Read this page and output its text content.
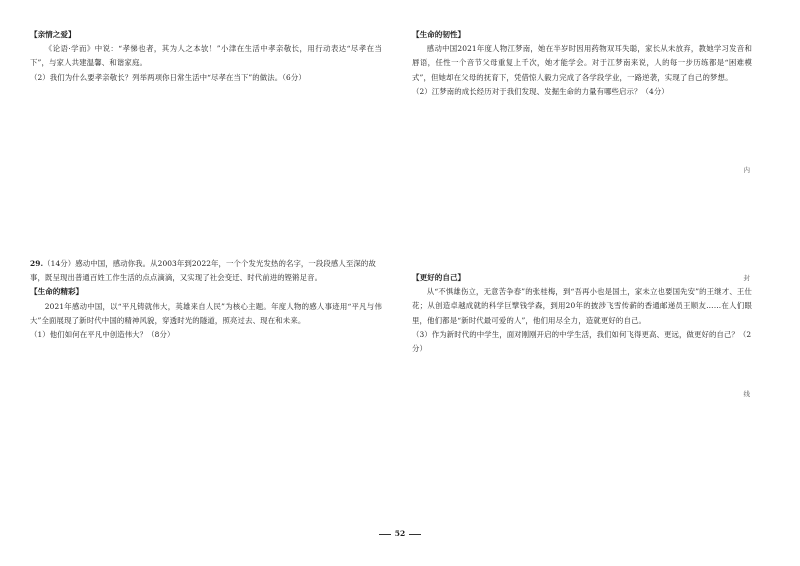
【亲情之爱】
《论语·学而》中说：“孝悌也者，其为人之本欤！”小津在生活中孝亲敬长，用行动表达“尽孝在当下”，与家人共建温馨、和谐家庭。
（2）我们为什么要孝亲敬长？列举两项你日常生活中“尽孝在当下”的做法。（6分）
29.（14分）感动中国，感动你我。从2003年到2022年，一个个发光发热的名字，一段段感人至深的故事，既呈现出普通百姓工作生活的点点滴滴，又实现了社会变迁、时代前进的铿锵足音。
【生命的精彩】
2021年感动中国，以“平凡铸就伟大，英雄来自人民”为核心主题。年度人物的感人事迹用“平凡与伟大”全面展现了新时代中国的精神风貌，穿透时光的隧道，照亮过去、现在和未来。
（1）他们如何在平凡中创造伟大？（8分）
【生命的韧性】
感动中国2021年度人物江梦南，她在半岁时因用药物双耳失聪，家长从未放弃，教她学习发音和唇语，任性一个音节父母重复上千次，她才能学会。对于江梦南来说，人的每一步历练都是“困难模式”，但她却在父母的抚育下，凭借惊人毅力完成了各学段学业，一路逆袭，实现了自己的梦想。
（2）江梦南的成长经历对于我们发现、发掘生命的力量有哪些启示？（4分）
【更好的自己】
从“不惧雄伤立，无意苦争春”的张桂梅，到“吾再小也是国土，家未立也要国先安”的王继才、王仕花；从创造卓越成就的科学巨擘钱学森，到用20年的披涉飞雪传薪的香通邮递员王顺友……在人们眼里，他们都是“新时代最可爱的人”，他们用尽全力，造就更好的自己。
（3）作为新时代的中学生，面对刚刚开启的中学生活，我们如何飞得更高、更远，做更好的自己？（2分）
内
封
线
52
